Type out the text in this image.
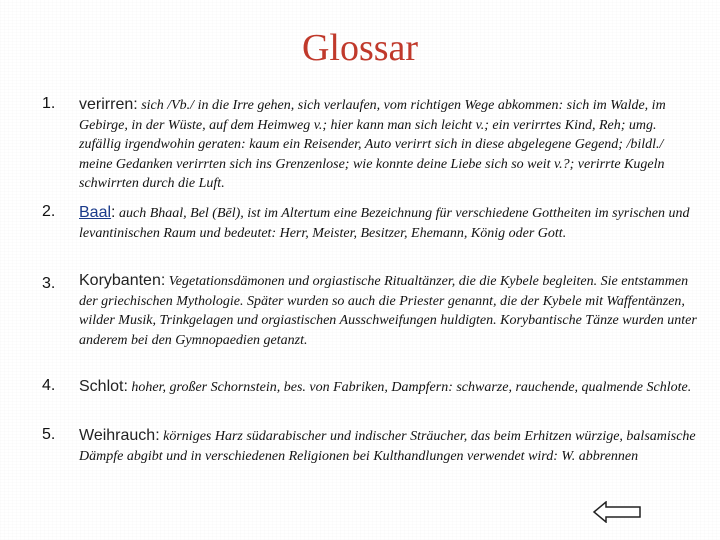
Glossar
1.	verirren: sich /Vb./ in die Irre gehen, sich verlaufen, vom richtigen Wege abkommen: sich im Walde, im Gebirge, in der Wüste, auf dem Heimweg v.; hier kann man sich leicht v.; ein verirrtes Kind, Reh; umg. zufällig irgendwohin geraten: kaum ein Reisender, Auto verirrt sich in diese abgelegene Gegend; /bildl./ meine Gedanken verirrten sich ins Grenzenlose; wie konnte deine Liebe sich so weit v.?; verirrte Kugeln schwirrten durch die Luft.
2.	Baal: auch Bhaal, Bel (Bēl), ist im Altertum eine Bezeichnung für verschiedene Gottheiten im syrischen und levantinischen Raum und bedeutet: Herr, Meister, Besitzer, Ehemann, König oder Gott.
3.	Korybanten: Vegetationsdämonen und orgiastische Ritualtänzer, die die Kybele begleiten. Sie entstammen der griechischen Mythologie. Später wurden so auch die Priester genannt, die der Kybele mit Waffentänzen, wilder Musik, Trinkgelagen und orgiastischen Ausschweifungen huldigten. Korybantische Tänze wurden unter anderem bei den Gymnopaedien getanzt.
4.	Schlot: hoher, großer Schornstein, bes. von Fabriken, Dampfern: schwarze, rauchende, qualmende Schlote.
5.	Weihrauch: körniges Harz südarabischer und indischer Sträucher, das beim Erhitzen würzige, balsamische Dämpfe abgibt und in verschiedenen Religionen bei Kulthandlungen verwendet wird: W. abbrennen
